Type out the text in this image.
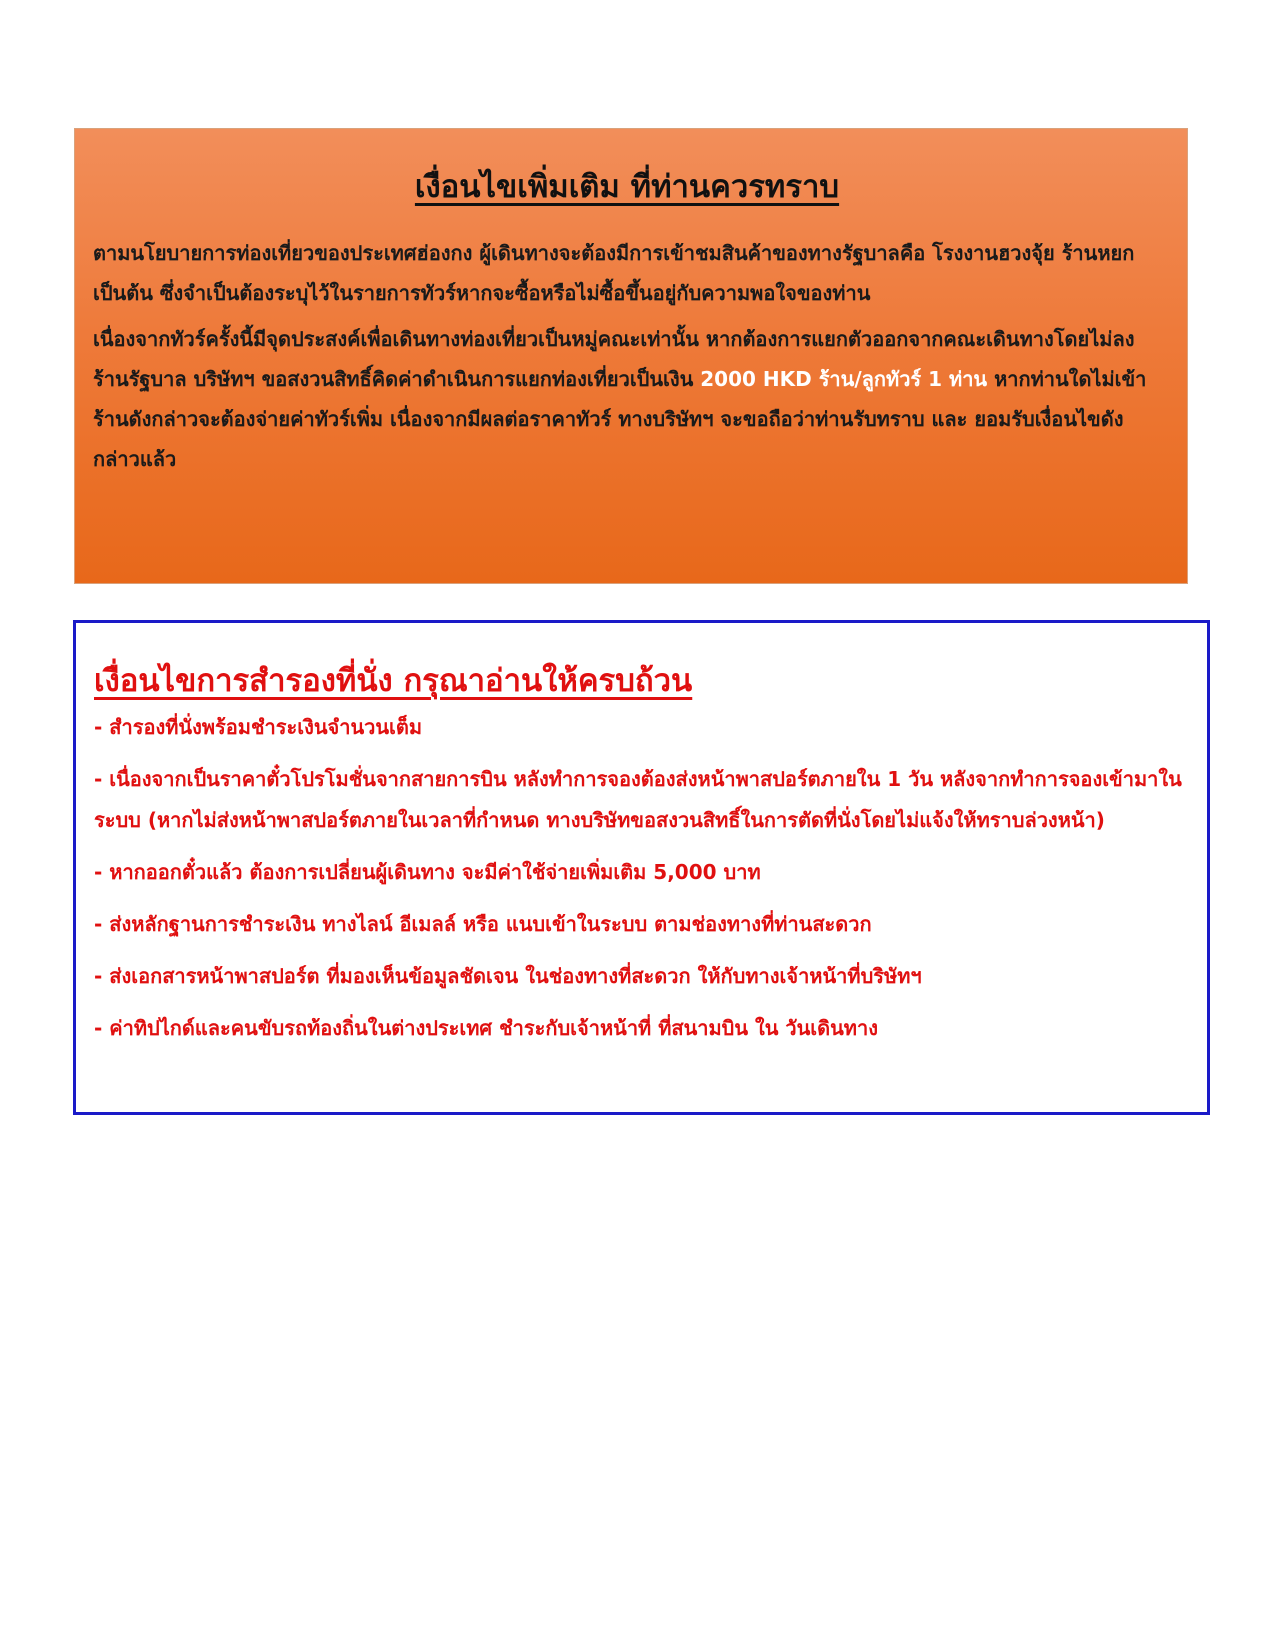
เงื่อนไขเพิ่มเติม ที่ท่านควรทราบ

ตามนโยบายการท่องเที่ยวของประเทศฮ่องกง ผู้เดินทางจะต้องมีการเข้าชมสินค้าของทางรัฐบาลคือ โรงงานฮวงจุ้ย ร้านหยก เป็นต้น ซึ่งจำเป็นต้องระบุไว้ในรายการทัวร์หากจะซื้อหรือไม่ซื้อขึ้นอยู่กับความพอใจของท่าน

เนื่องจากทัวร์ครั้งนี้มีจุดประสงค์เพื่อเดินทางท่องเที่ยวเป็นหมู่คณะเท่านั้น หากต้องการแยกตัวออกจากคณะเดินทางโดยไม่ลงร้านรัฐบาล บริษัทฯ ขอสงวนสิทธิ์คิดค่าดำเนินการแยกท่องเที่ยวเป็นเงิน 2000 HKD ร้าน/ลูกทัวร์ 1 ท่าน หากท่านใดไม่เข้าร้านดังกล่าวจะต้องจ่ายค่าทัวร์เพิ่ม เนื่องจากมีผลต่อราคาทัวร์ ทางบริษัทฯ จะขอถือว่าท่านรับทราบ และ ยอมรับเงื่อนไขดังกล่าวแล้ว

เงื่อนไขการสำรองที่นั่ง กรุณาอ่านให้ครบถ้วน
- สำรองที่นั่งพร้อมชำระเงินจำนวนเต็ม
- เนื่องจากเป็นราคาตั๋วโปรโมชั่นจากสายการบิน หลังทำการจองต้องส่งหน้าพาสปอร์ตภายใน 1 วัน หลังจากทำการจองเข้ามาในระบบ (หากไม่ส่งหน้าพาสปอร์ตภายในเวลาที่กำหนด ทางบริษัทขอสงวนสิทธิ์ในการตัดที่นั่งโดยไม่แจ้งให้ทราบล่วงหน้า)
- หากออกตั๋วแล้ว ต้องการเปลี่ยนผู้เดินทาง จะมีค่าใช้จ่ายเพิ่มเติม 5,000 บาท
- ส่งหลักฐานการชำระเงิน ทางไลน์ อีเมลล์ หรือ แนบเข้าในระบบ ตามช่องทางที่ท่านสะดวก
- ส่งเอกสารหน้าพาสปอร์ต ที่มองเห็นข้อมูลชัดเจน ในช่องทางที่สะดวก ให้กับทางเจ้าหน้าที่บริษัทฯ
- ค่าทิปไกด์และคนขับรถท้องถิ่นในต่างประเทศ ชำระกับเจ้าหน้าที่ ที่สนามบิน ใน วันเดินทาง
